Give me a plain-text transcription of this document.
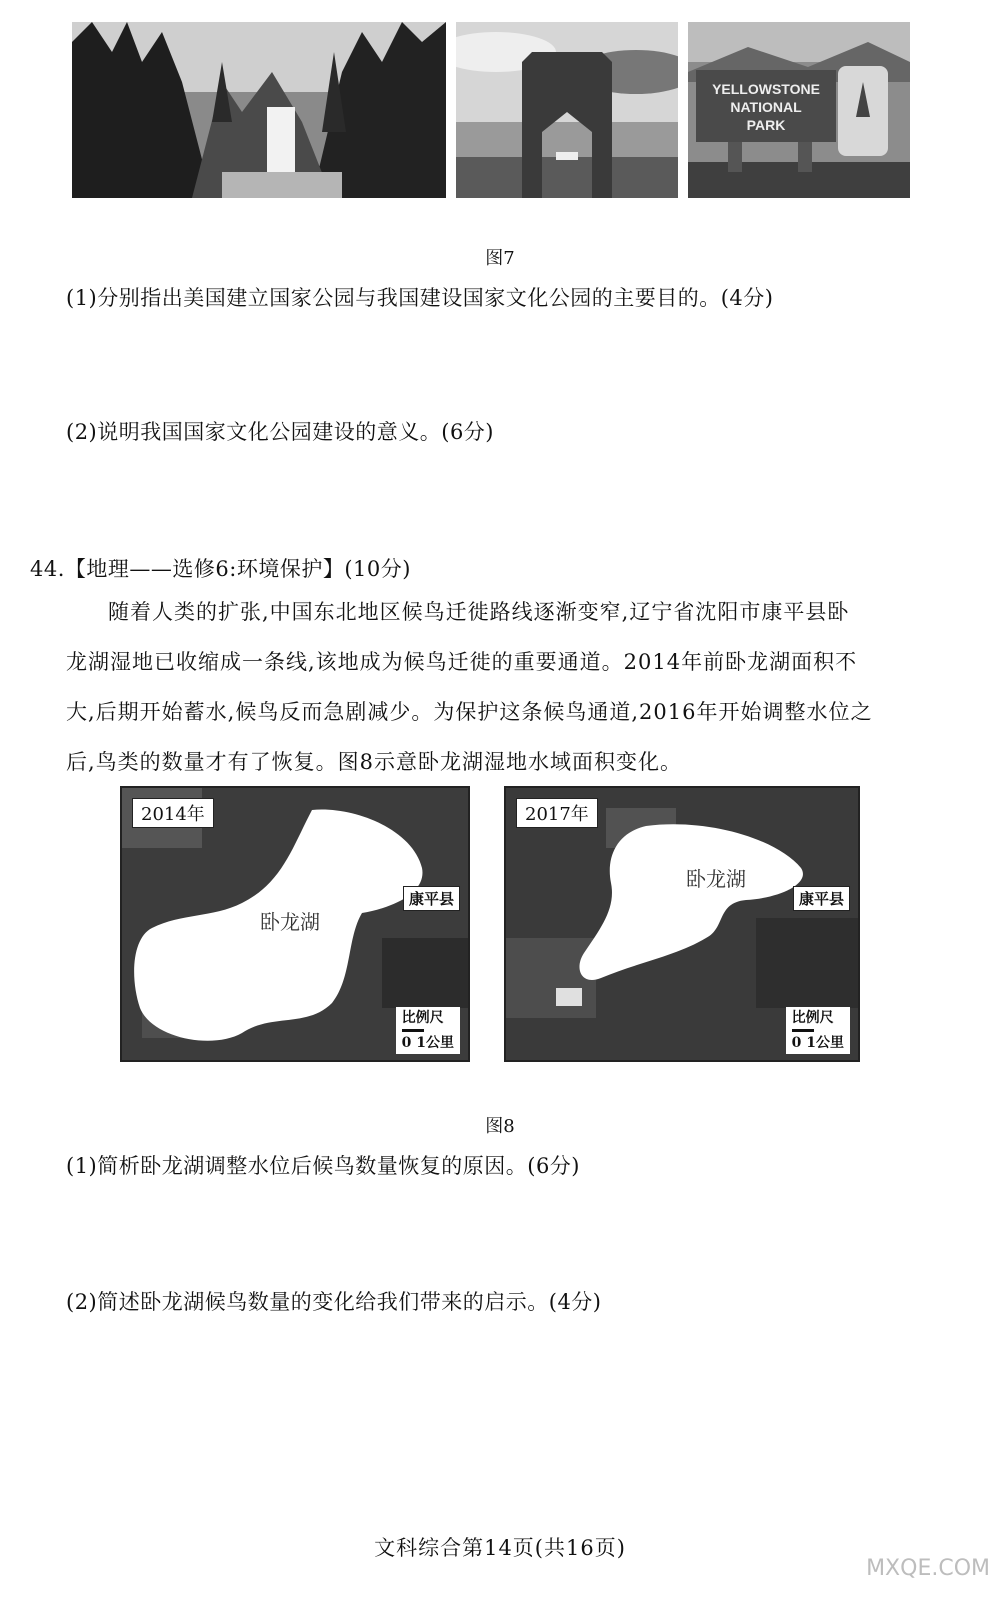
YELLOWSTONE
NATIONAL
PARK
图7
(1)分别指出美国建立国家公园与我国建设国家文化公园的主要目的。(4分)
(2)说明我国国家文化公园建设的意义。(6分)
44.【地理——选修6:环境保护】(10分)
随着人类的扩张,中国东北地区候鸟迁徙路线逐渐变窄,辽宁省沈阳市康平县卧
龙湖湿地已收缩成一条线,该地成为候鸟迁徙的重要通道。2014年前卧龙湖面积不
大,后期开始蓄水,候鸟反而急剧减少。为保护这条候鸟通道,2016年开始调整水位之
后,鸟类的数量才有了恢复。图8示意卧龙湖湿地水域面积变化。
2014年
卧龙湖
康平县
比例尺
0 1公里
2017年
卧龙湖
康平县
比例尺
0 1公里
图8
(1)简析卧龙湖调整水位后候鸟数量恢复的原因。(6分)
(2)简述卧龙湖候鸟数量的变化给我们带来的启示。(4分)
MXQE.COM
文科综合第14页(共16页)
